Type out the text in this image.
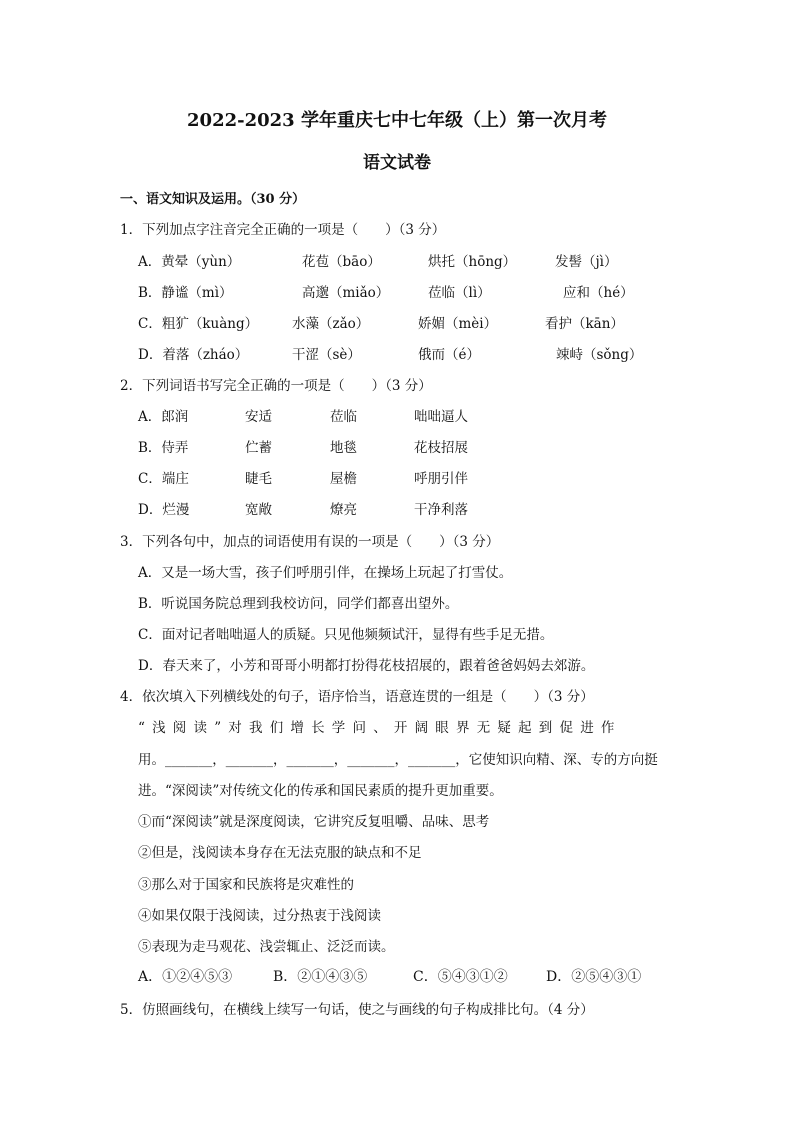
2022-2023 学年重庆七中七年级（上）第一次月考
语文试卷
一、语文知识及运用。（30 分）
1．下列加点字注音完全正确的一项是（　　）（3 分）
A．黄晕（yùn）	花苞（bāo）	烘托（hōng）	发髻（jì）
B．静谧（mì）	高邈（miǎo）	莅临（lì）	应和（hé）
C．粗犷（kuàng）	水藻（zǎo）	娇媚（mèi）	看护（kān）
D．着落（zháo）	干涩（sè）	俄而（é）	竦峙（sǒng）
2．下列词语书写完全正确的一项是（　　）（3 分）
A．郎润	安适	莅临	咄咄逼人
B．侍弄	伫蓄	地毯	花枝招展
C．端庄	睫毛	屋檐	呼朋引伴
D．烂漫	宽敞	燎亮	干净利落
3．下列各句中，加点的词语使用有误的一项是（　　）（3 分）
A．又是一场大雪，孩子们呼朋引伴，在操场上玩起了打雪仗。
B．听说国务院总理到我校访问，同学们都喜出望外。
C．面对记者咄咄逼人的质疑。只见他频频试汗，显得有些手足无措。
D．春天来了，小芳和哥哥小明都打扮得花枝招展的，跟着爸爸妈妈去郊游。
4．依次填入下列横线处的句子，语序恰当，语意连贯的一组是（　　）（3 分）
“浅阅读”对我们增长学问、开阔眼界无疑起到促进作
用。_______，_______，_______，_______，_______，它使知识向精、深、专的方向挺
进。“深阅读”对传统文化的传承和国民素质的提升更加重要。
①而“深阅读”就是深度阅读，它讲究反复咀嚼、品味、思考
②但是，浅阅读本身存在无法克服的缺点和不足
③那么对于国家和民族将是灾难性的
④如果仅限于浅阅读，过分热衷于浅阅读
⑤表现为走马观花、浅尝辄止、泛泛而读。
A．①②④⑤③	B．②①④③⑤	C．⑤④③①②	D．②⑤④③①
5．仿照画线句，在横线上续写一句话，使之与画线的句子构成排比句。（4 分）
